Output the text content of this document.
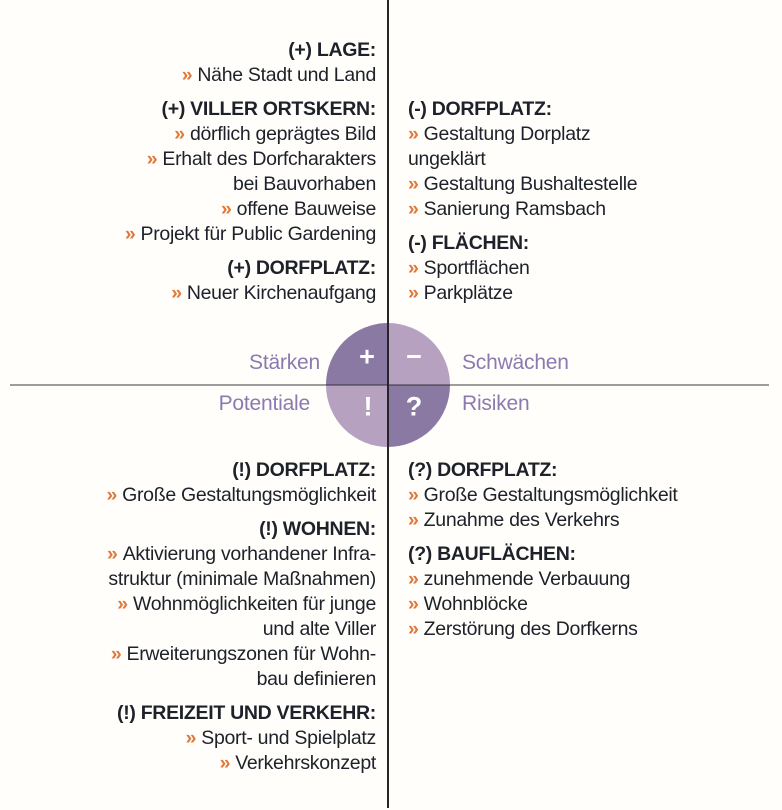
+ −
! ?
Stärken	Schwächen
Potentiale	Risiken
(+) LAGE:
» Nähe Stadt und Land
(+) VILLER ORTSKERN:
» dörflich geprägtes Bild
» Erhalt des Dorfcharakters
bei Bauvorhaben
» offene Bauweise
» Projekt für Public Gardening
(+) DORFPLATZ:
» Neuer Kirchenaufgang
(-) DORFPLATZ:
» Gestaltung Dorplatz
ungeklärt
» Gestaltung Bushaltestelle
» Sanierung Ramsbach
(-) FLÄCHEN:
» Sportflächen
» Parkplätze
(!) DORFPLATZ:
» Große Gestaltungsmöglichkeit
(!) WOHNEN:
» Aktivierung vorhandener Infra-
struktur (minimale Maßnahmen)
» Wohnmöglichkeiten für junge
und alte Viller
» Erweiterungszonen für Wohn-
bau definieren
(!) FREIZEIT UND VERKEHR:
» Sport- und Spielplatz
» Verkehrskonzept
(?) DORFPLATZ:
» Große Gestaltungsmöglichkeit
» Zunahme des Verkehrs
(?) BAUFLÄCHEN:
» zunehmende Verbauung
» Wohnblöcke
» Zerstörung des Dorfkerns
